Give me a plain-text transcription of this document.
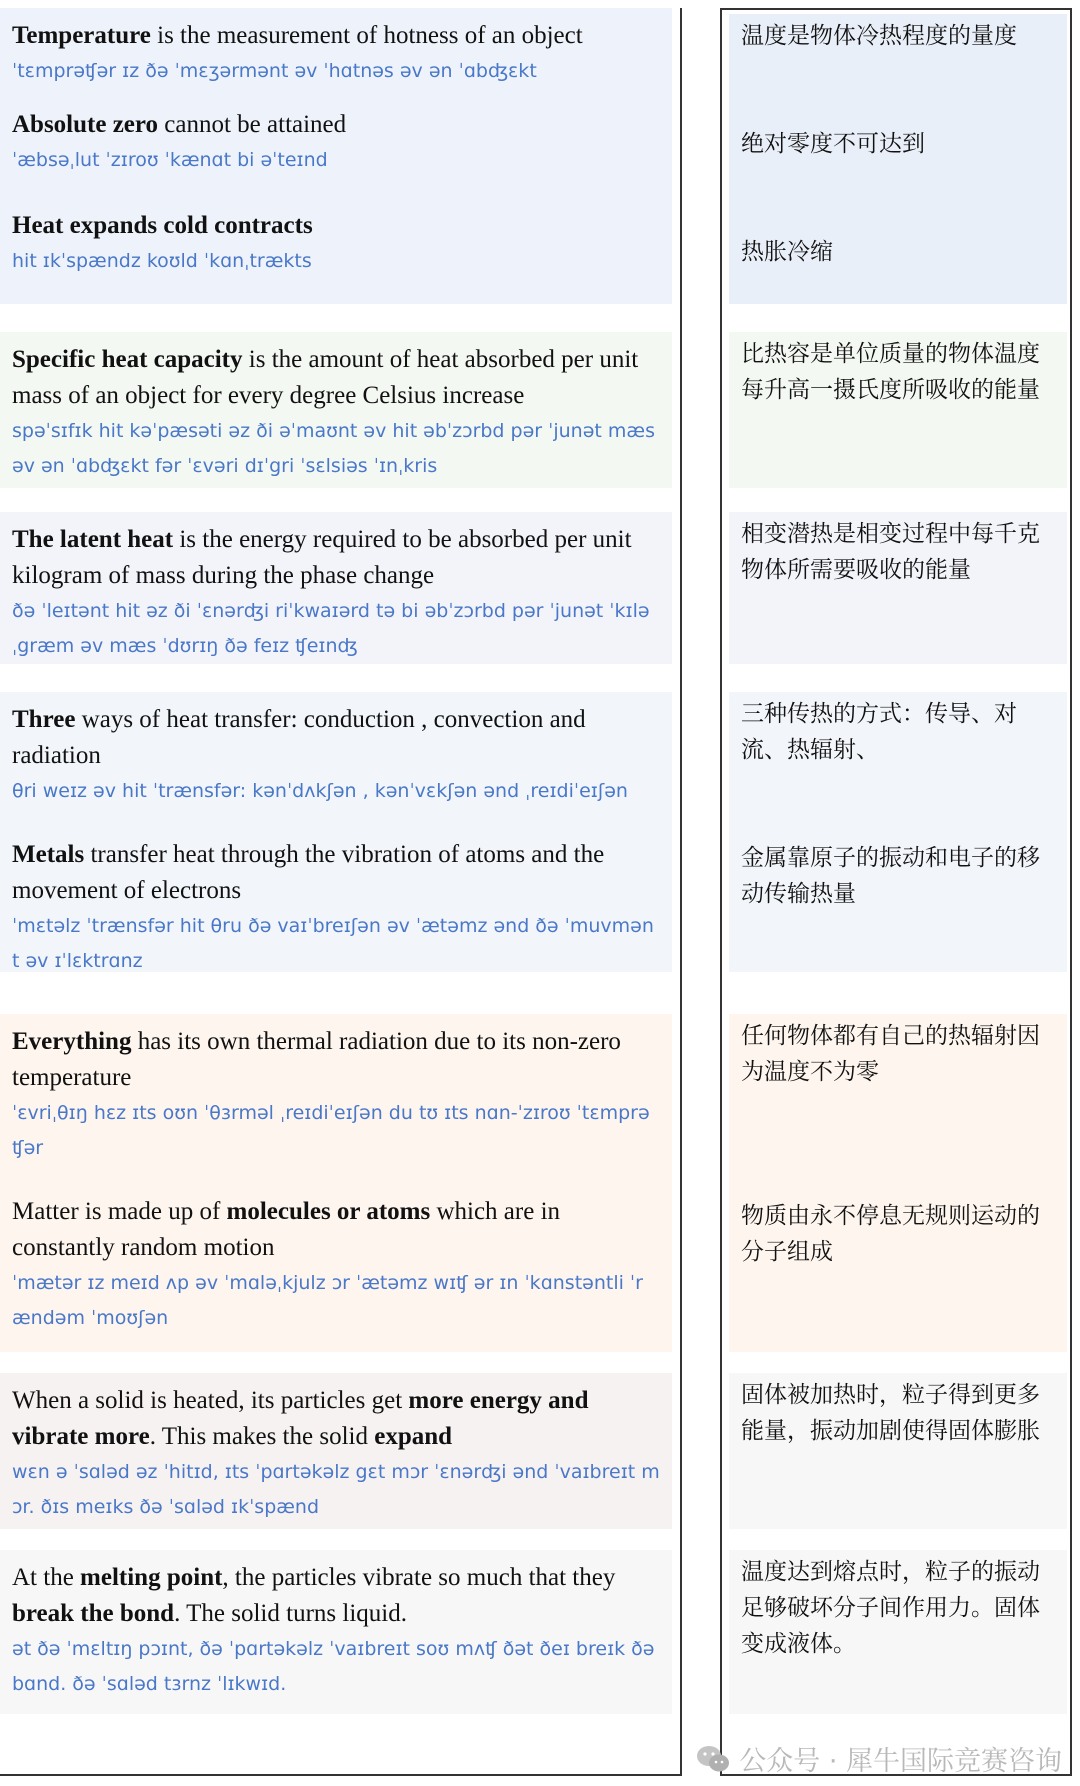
Temperature is the measurement of hotness of an object
ˈtɛmprəʧər ɪz ðə ˈmɛʒərmənt əv ˈhɑtnəs əv ən ˈɑbʤɛkt
Absolute zero cannot be attained
ˈæbsəˌlut ˈzɪroʊ ˈkænɑt bi əˈteɪnd
Heat expands cold contracts
hit ɪkˈspændz koʊld ˈkɑnˌtrækts
Specific heat capacity is the amount of heat absorbed per unit mass of an object for every degree Celsius increase
spəˈsɪfɪk hit kəˈpæsəti əz ði əˈmaʊnt əv hit əbˈzɔrbd pər ˈjunət mæs əv ən ˈɑbʤɛkt fər ˈɛvəri dɪˈgri ˈsɛlsiəs ˈɪnˌkris
The latent heat is the energy required to be absorbed per unit kilogram of mass during the phase change
ðə ˈleɪtənt hit əz ði ˈɛnərʤi riˈkwaɪərd tə bi əbˈzɔrbd pər ˈjunət ˈkɪləˌgræm əv mæs ˈdʊrɪŋ ðə feɪz ʧeɪnʤ
Three ways of heat transfer: conduction , convection and radiation
θri weɪz əv hit ˈtrænsfər: kənˈdʌkʃən , kənˈvɛkʃən ənd ˌreɪdiˈeɪʃən
Metals transfer heat through the vibration of atoms and the movement of electrons
ˈmɛtəlz ˈtrænsfər hit θru ðə vaɪˈbreɪʃən əv ˈætəmz ənd ðə ˈmuvmənt əv ɪˈlɛktrɑnz
Everything has its own thermal radiation due to its non-zero temperature
ˈɛvriˌθɪŋ hɛz ɪts oʊn ˈθɜrməl ˌreɪdiˈeɪʃən du tʊ ɪts nɑn-ˈzɪroʊ ˈtɛmprəʧər
Matter is made up of molecules or atoms which are in constantly random motion
ˈmætər ɪz meɪd ʌp əv ˈmɑləˌkjulz ɔr ˈætəmz wɪʧ ər ɪn ˈkɑnstəntli ˈrændəm ˈmoʊʃən
When a solid is heated, its particles get more energy and vibrate more. This makes the solid expand
wɛn ə ˈsɑləd əz ˈhitɪd, ɪts ˈpɑrtəkəlz gɛt mɔr ˈɛnərʤi ənd ˈvaɪbreɪt mɔr. ðɪs meɪks ðə ˈsɑləd ɪkˈspænd
At the melting point, the particles vibrate so much that they break the bond. The solid turns liquid.
ət ðə ˈmɛltɪŋ pɔɪnt, ðə ˈpɑrtəkəlz ˈvaɪbreɪt soʊ mʌʧ ðət ðeɪ breɪk ðə bɑnd. ðə ˈsɑləd tɜrnz ˈlɪkwɪd.
温度是物体冷热程度的量度
绝对零度不可达到
热胀冷缩
比热容是单位质量的物体温度每升高一摄氏度所吸收的能量
相变潜热是相变过程中每千克物体所需要吸收的能量
三种传热的方式：传导、对流、热辐射、
金属靠原子的振动和电子的移动传输热量
任何物体都有自己的热辐射因为温度不为零
物质由永不停息无规则运动的分子组成
固体被加热时，粒子得到更多能量，振动加剧使得固体膨胀
温度达到熔点时，粒子的振动足够破坏分子间作用力。固体变成液体。
公众号 · 犀牛国际竞赛咨询
